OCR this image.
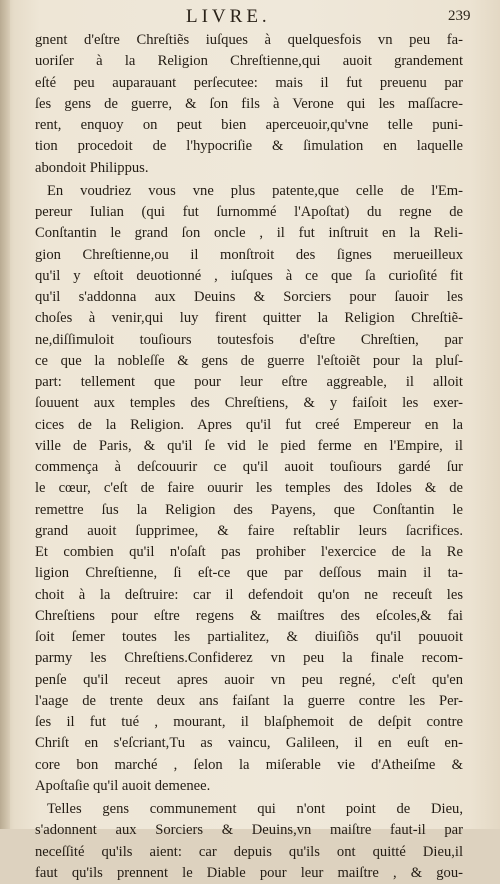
LIVRE.	239
gnent d'eſtre Chreſtiẽs iuſques à quelquesfois vn peu fa-
uoriſer à la Religion Chreſtienne,qui auoit grandement
eſté peu auparauant perſecutee: mais il fut preuenu par
ſes gens de guerre, & ſon fils à Verone qui les maſſacre-
rent, enquoy on peut bien aperceuoir,qu'vne telle puni-
tion procedoit de l'hypocriſie & ſimulation en laquelle
abondoit Philippus.
En voudriez vous vne plus patente,que celle de l'Em-
pereur Iulian (qui fut ſurnommé l'Apoſtat) du regne de
Conſtantin le grand ſon oncle , il fut inſtruit en la Reli-
gion Chreſtienne,ou il monſtroit des ſignes merueilleux
qu'il y eſtoit deuotionné , iuſques à ce que ſa curioſité fit
qu'il s'addonna aux Deuins & Sorciers pour ſauoir les
choſes à venir,qui luy firent quitter la Religion Chreſtiẽ-
ne,diſſimuloit touſiours toutesfois d'eſtre Chreſtien, par
ce que la nobleſſe & gens de guerre l'eſtoiẽt pour la pluſ-
part: tellement que pour leur eſtre aggreable, il alloit
ſouuent aux temples des Chreſtiens, & y faiſoit les exer-
cices de la Religion. Apres qu'il fut creé Empereur en la
ville de Paris, & qu'il ſe vid le pied ferme en l'Empire, il
commença à deſcouurir ce qu'il auoit touſiours gardé ſur
le cœur, c'eſt de faire ouurir les temples des Idoles & de
remettre ſus la Religion des Payens, que Conſtantin le
grand auoit ſupprimee, & faire reſtablir leurs ſacrifices.
Et combien qu'il n'oſaſt pas prohiber l'exercice de la Re
ligion Chreſtienne, ſi eſt-ce que par deſſous main il ta-
choit à la deſtruire: car il defendoit qu'on ne receuſt les
Chreſtiens pour eſtre regens & maiſtres des eſcoles,& fai
ſoit ſemer toutes les partialitez, & diuiſiõs qu'il pouuoit
parmy les Chreſtiens.Confiderez vn peu la finale recom-
penſe qu'il receut apres auoir vn peu regné, c'eſt qu'en
l'aage de trente deux ans faiſant la guerre contre les Per-
ſes il fut tué , mourant, il blaſphemoit de deſpit contre
Chriſt en s'eſcriant,Tu as vaincu, Galileen, il en euſt en-
core bon marché , ſelon la miſerable vie d'Atheiſme &
Apoſtaſie qu'il auoit demenee.
Telles gens communement qui n'ont point de Dieu,
s'adonnent aux Sorciers & Deuins,vn maiſtre faut-il par
neceſſité qu'ils aient: car depuis qu'ils ont quitté Dieu,il
faut qu'ils prennent le Diable pour leur maiſtre , & gou-
